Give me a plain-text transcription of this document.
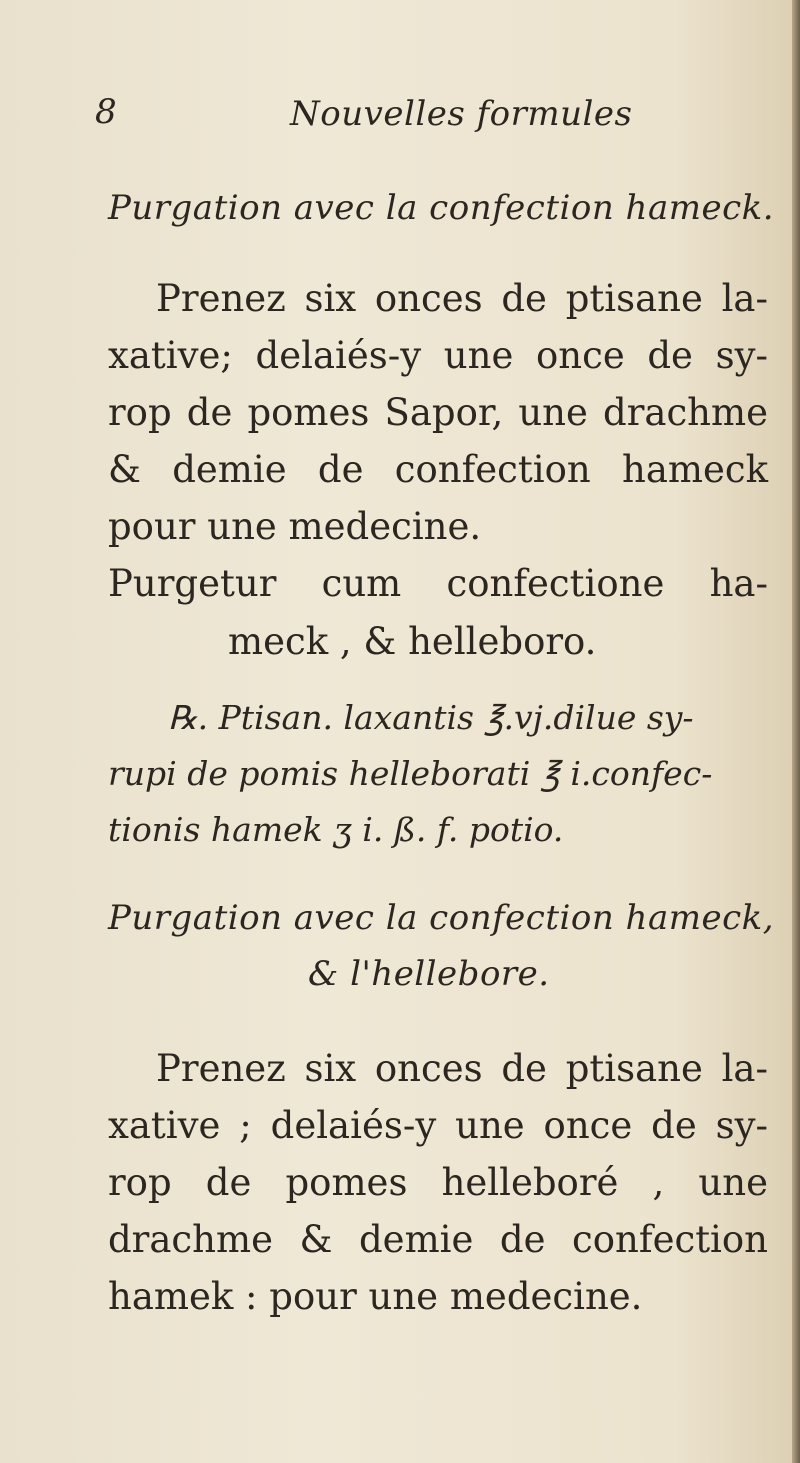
8	Nouvelles formules
Purgation avec la confection hameck.
Prenez six onces de ptisane la-
xative; delaiés-y une once de sy-
rop de pomes Sapor, une drachme
& demie de confection hameck
pour une medecine.
Purgetur cum confectione ha-
meck , & helleboro.
℞. Ptisan. laxantis ℥.vj.dilue sy-
rupi de pomis helleborati ℥ i.confec-
tionis hamek ʒ i. ß. f. potio.
Purgation avec la confection hameck,
& l'hellebore.
Prenez six onces de ptisane la-
xative ; delaiés-y une once de sy-
rop de pomes helleboré , une
drachme & demie de confection
hamek : pour une medecine.
